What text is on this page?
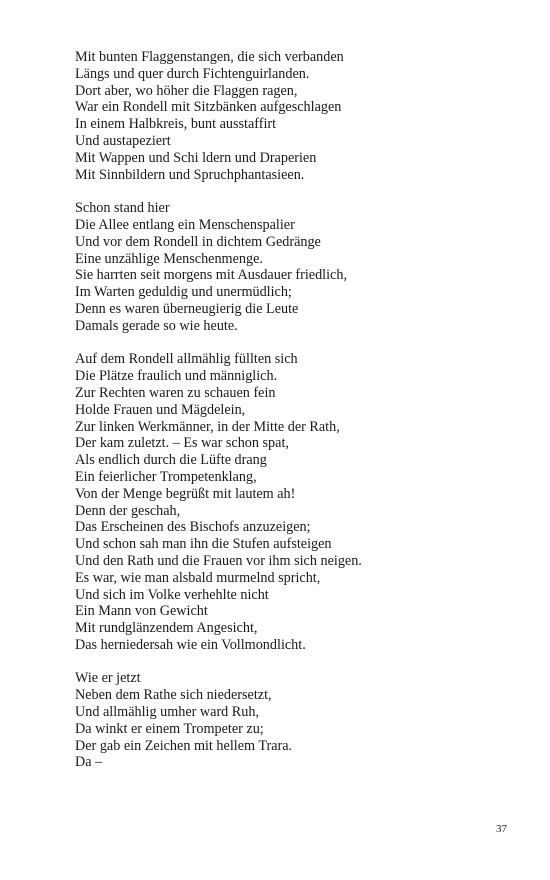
Mit bunten Flaggenstangen, die sich verbanden
Längs und quer durch Fichtenguirlanden.
Dort aber, wo höher die Flaggen ragen,
War ein Rondell mit Sitzbänken aufgeschlagen
In einem Halbkreis, bunt ausstaffirt
Und austapeziert
Mit Wappen und Schi ldern und Draperien
Mit Sinnbildern und Spruchphantasieen.
Schon stand hier
Die Allee entlang ein Menschenspalier
Und vor dem Rondell in dichtem Gedränge
Eine unzählige Menschenmenge.
Sie harrten seit morgens mit Ausdauer friedlich,
Im Warten geduldig und unermüdlich;
Denn es waren überneugierig die Leute
Damals gerade so wie heute.
Auf dem Rondell allmählig füllten sich
Die Plätze fraulich und männiglich.
Zur Rechten waren zu schauen fein
Holde Frauen und Mägdelein,
Zur linken Werkmänner, in der Mitte der Rath,
Der kam zuletzt. – Es war schon spat,
Als endlich durch die Lüfte drang
Ein feierlicher Trompetenklang,
Von der Menge begrüßt mit lautem ah!
Denn der geschah,
Das Erscheinen des Bischofs anzuzeigen;
Und schon sah man ihn die Stufen aufsteigen
Und den Rath und die Frauen vor ihm sich neigen.
Es war, wie man alsbald murmelnd spricht,
Und sich im Volke verhehlte nicht
Ein Mann von Gewicht
Mit rundglänzendem Angesicht,
Das herniedersah wie ein Vollmondlicht.
Wie er jetzt
Neben dem Rathe sich niedersetzt,
Und allmählig umher ward Ruh,
Da winkt er einem Trompeter zu;
Der gab ein Zeichen mit hellem Trara.
Da –
37
